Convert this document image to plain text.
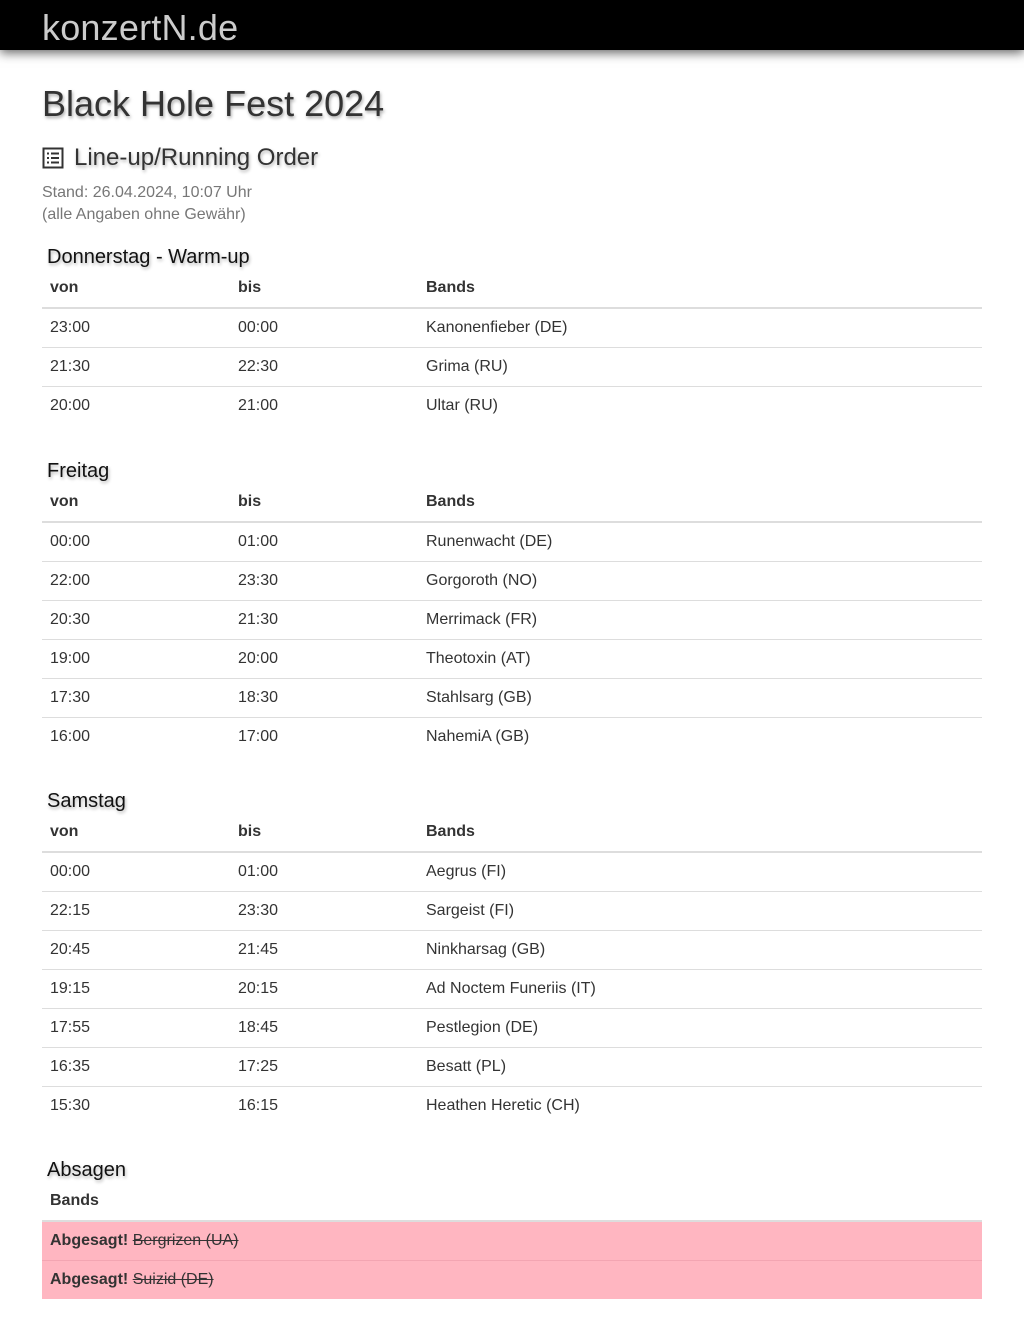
konzertN.de
Black Hole Fest 2024
Line-up/Running Order
Stand: 26.04.2024, 10:07 Uhr
(alle Angaben ohne Gewähr)
Donnerstag - Warm-up
von	bis	Bands
23:00	00:00	Kanonenfieber (DE)
21:30	22:30	Grima (RU)
20:00	21:00	Ultar (RU)
Freitag
von	bis	Bands
00:00	01:00	Runenwacht (DE)
22:00	23:30	Gorgoroth (NO)
20:30	21:30	Merrimack (FR)
19:00	20:00	Theotoxin (AT)
17:30	18:30	Stahlsarg (GB)
16:00	17:00	NahemiA (GB)
Samstag
von	bis	Bands
00:00	01:00	Aegrus (FI)
22:15	23:30	Sargeist (FI)
20:45	21:45	Ninkharsag (GB)
19:15	20:15	Ad Noctem Funeriis (IT)
17:55	18:45	Pestlegion (DE)
16:35	17:25	Besatt (PL)
15:30	16:15	Heathen Heretic (CH)
Absagen
Bands
Abgesagt! Bergrizen (UA)
Abgesagt! Suizid (DE)
